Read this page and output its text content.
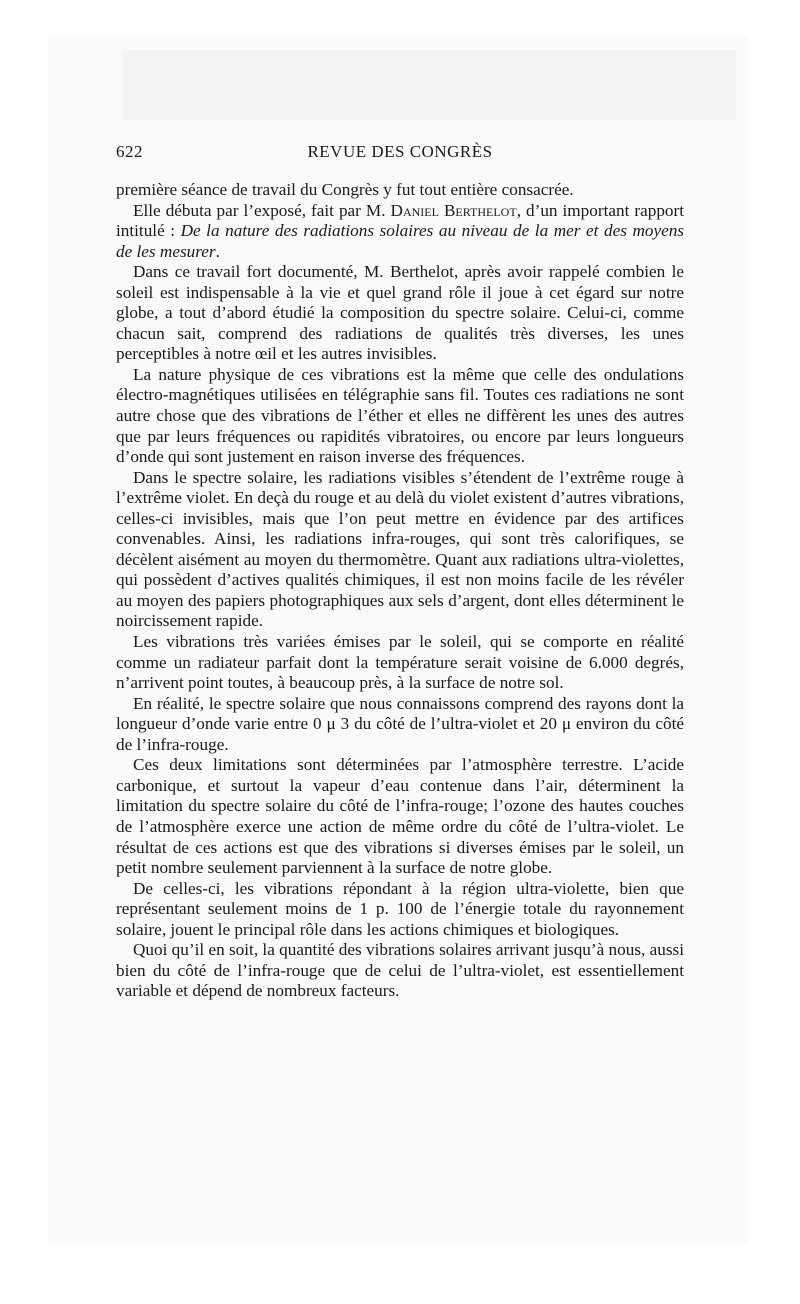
622	REVUE DES CONGRÈS

première séance de travail du Congrès y fut tout entière consacrée.

Elle débuta par l’exposé, fait par M. Daniel Berthelot, d’un important rapport intitulé : De la nature des radiations solaires au niveau de la mer et des moyens de les mesurer.

Dans ce travail fort documenté, M. Berthelot, après avoir rappelé combien le soleil est indispensable à la vie et quel grand rôle il joue à cet égard sur notre globe, a tout d’abord étudié la composition du spectre solaire. Celui-ci, comme chacun sait, comprend des radiations de qualités très diverses, les unes perceptibles à notre œil et les autres invisibles.

La nature physique de ces vibrations est la même que celle des ondulations électro-magnétiques utilisées en télégraphie sans fil. Toutes ces radiations ne sont autre chose que des vibrations de l’éther et elles ne diffèrent les unes des autres que par leurs fréquences ou rapidités vibratoires, ou encore par leurs longueurs d’onde qui sont justement en raison inverse des fréquences.

Dans le spectre solaire, les radiations visibles s’étendent de l’extrême rouge à l’extrême violet. En deçà du rouge et au delà du violet existent d’autres vibrations, celles-ci invisibles, mais que l’on peut mettre en évidence par des artifices convenables. Ainsi, les radiations infra-rouges, qui sont très calorifiques, se décèlent aisément au moyen du thermomètre. Quant aux radiations ultra-violettes, qui possèdent d’actives qualités chimiques, il est non moins facile de les révéler au moyen des papiers photographiques aux sels d’argent, dont elles déterminent le noircissement rapide.

Les vibrations très variées émises par le soleil, qui se comporte en réalité comme un radiateur parfait dont la température serait voisine de 6.000 degrés, n’arrivent point toutes, à beaucoup près, à la surface de notre sol.

En réalité, le spectre solaire que nous connaissons comprend des rayons dont la longueur d’onde varie entre 0 μ 3 du côté de l’ultra-violet et 20 μ environ du côté de l’infra-rouge.

Ces deux limitations sont déterminées par l’atmosphère terrestre. L’acide carbonique, et surtout la vapeur d’eau contenue dans l’air, déterminent la limitation du spectre solaire du côté de l’infra-rouge; l’ozone des hautes couches de l’atmosphère exerce une action de même ordre du côté de l’ultra-violet. Le résultat de ces actions est que des vibrations si diverses émises par le soleil, un petit nombre seulement parviennent à la surface de notre globe.

De celles-ci, les vibrations répondant à la région ultra-violette, bien que représentant seulement moins de 1 p. 100 de l’énergie totale du rayonnement solaire, jouent le principal rôle dans les actions chimiques et biologiques.

Quoi qu’il en soit, la quantité des vibrations solaires arrivant jusqu’à nous, aussi bien du côté de l’infra-rouge que de celui de l’ultra-violet, est essentiellement variable et dépend de nombreux facteurs.
